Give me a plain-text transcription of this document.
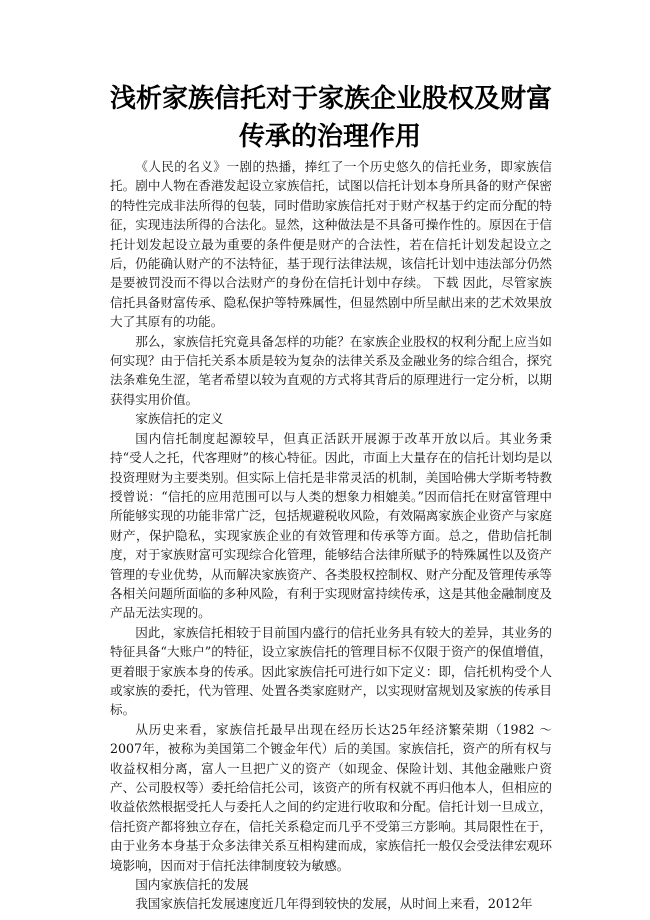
浅析家族信托对于家族企业股权及财富
传承的治理作用

《人民的名义》一剧的热播，捧红了一个历史悠久的信托业务，即家族信托。剧中人物在香港发起设立家族信托，试图以信托计划本身所具备的财产保密的特性完成非法所得的包装，同时借助家族信托对于财产权基于约定而分配的特征，实现违法所得的合法化。显然，这种做法是不具备可操作性的。原因在于信托计划发起设立最为重要的条件便是财产的合法性，若在信托计划发起设立之后，仍能确认财产的不法特征，基于现行法律法规，该信托计划中违法部分仍然是要被罚没而不得以合法财产的身份在信托计划中存续。 下载 因此，尽管家族信托具备财富传承、隐私保护等特殊属性，但显然剧中所呈献出来的艺术效果放大了其原有的功能。

那么，家族信托究竟具备怎样的功能？在家族企业股权的权利分配上应当如何实现？由于信托关系本质是较为复杂的法律关系及金融业务的综合组合，探究法条难免生涩，笔者希望以较为直观的方式将其背后的原理进行一定分析，以期获得实用价值。

家族信托的定义

国内信托制度起源较早，但真正活跃开展源于改革开放以后。其业务秉持“受人之托，代客理财”的核心特征。因此，市面上大量存在的信托计划均是以投资理财为主要类别。但实际上信托是非常灵活的机制，美国哈佛大学斯考特教授曾说：“信托的应用范围可以与人类的想象力相媲美。”因而信托在财富管理中所能够实现的功能非常广泛，包括规避税收风险，有效隔离家族企业资产与家庭财产，保护隐私，实现家族企业的有效管理和传承等方面。总之，借助信托制度，对于家族财富可实现综合化管理，能够结合法律所赋予的特殊属性以及资产管理的专业优势，从而解决家族资产、各类股权控制权、财产分配及管理传承等各相关问题所面临的多种风险，有利于实现财富持续传承，这是其他金融制度及产品无法实现的。

因此，家族信托相较于目前国内盛行的信托业务具有较大的差异，其业务的特征具备“大账户”的特征，设立家族信托的管理目标不仅限于资产的保值增值，更着眼于家族本身的传承。因此家族信托可进行如下定义：即，信托机构受个人或家族的委托，代为管理、处置各类家庭财产，以实现财富规划及家族的传承目标。

从历史来看，家族信托最早出现在经历长达25年经济繁荣期（1982 ～2007年，被称为美国第二个镀金年代）后的美国。家族信托，资产的所有权与收益权相分离，富人一旦把广义的资产（如现金、保险计划、其他金融账户资产、公司股权等）委托给信托公司，该资产的所有权就不再归他本人，但相应的收益依然根据受托人与委托人之间的约定进行收取和分配。信托计划一旦成立，信托资产都将独立存在，信托关系稳定而几乎不受第三方影响。其局限性在于，由于业务本身基于众多法律关系互相构建而成，家族信托一般仅会受法律宏观环境影响，因而对于信托法律制度较为敏感。

国内家族信托的发展

我国家族信托发展速度近几年得到较快的发展，从时间上来看，2012年
